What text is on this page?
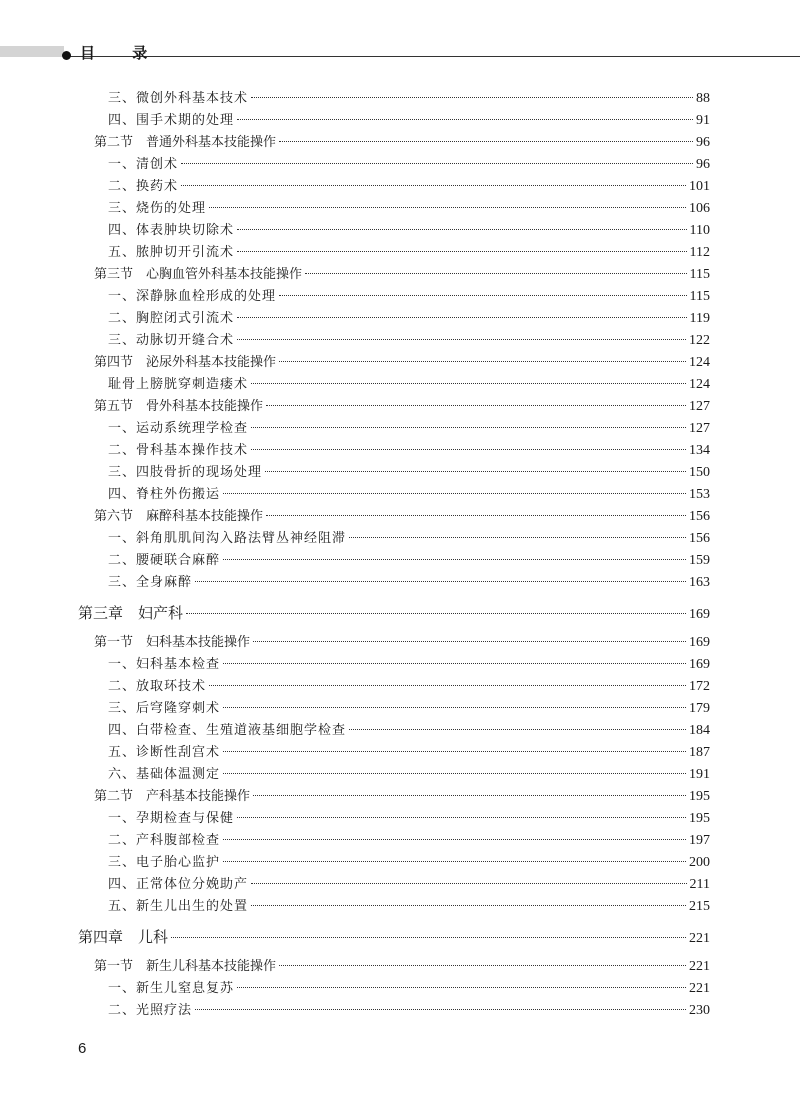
目 录
三、微创外科基本技术	88
四、围手术期的处理	91
第二节　普通外科基本技能操作	96
一、清创术	96
二、换药术	101
三、烧伤的处理	106
四、体表肿块切除术	110
五、脓肿切开引流术	112
第三节　心胸血管外科基本技能操作	115
一、深静脉血栓形成的处理	115
二、胸腔闭式引流术	119
三、动脉切开缝合术	122
第四节　泌尿外科基本技能操作	124
耻骨上膀胱穿刺造瘘术	124
第五节　骨外科基本技能操作	127
一、运动系统理学检查	127
二、骨科基本操作技术	134
三、四肢骨折的现场处理	150
四、脊柱外伤搬运	153
第六节　麻醉科基本技能操作	156
一、斜角肌肌间沟入路法臂丛神经阻滞	156
二、腰硬联合麻醉	159
三、全身麻醉	163
第三章　妇产科	169
第一节　妇科基本技能操作	169
一、妇科基本检查	169
二、放取环技术	172
三、后穹隆穿刺术	179
四、白带检查、生殖道液基细胞学检查	184
五、诊断性刮宫术	187
六、基础体温测定	191
第二节　产科基本技能操作	195
一、孕期检查与保健	195
二、产科腹部检查	197
三、电子胎心监护	200
四、正常体位分娩助产	211
五、新生儿出生的处置	215
第四章　儿科	221
第一节　新生儿科基本技能操作	221
一、新生儿窒息复苏	221
二、光照疗法	230
6
